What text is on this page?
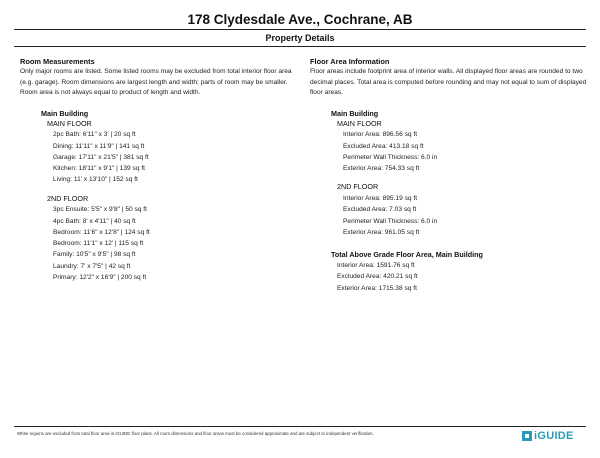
178 Clydesdale Ave., Cochrane, AB
Property Details
Room Measurements
Only major rooms are listed. Some listed rooms may be excluded from total interior floor area (e.g. garage). Room dimensions are largest length and width; parts of room may be smaller. Room area is not always equal to product of length and width.
Main Building
MAIN FLOOR
2pc Bath: 6'11" x 3' | 20 sq ft
Dining: 11'11" x 11'9" | 141 sq ft
Garage: 17'11" x 21'5" | 381 sq ft
Kitchen: 18'11" x 9'1" | 139 sq ft
Living: 11' x 13'10" | 152 sq ft
2ND FLOOR
3pc Ensuite: 5'5" x 9'8" | 50 sq ft
4pc Bath: 8' x 4'11" | 40 sq ft
Bedroom: 11'6" x 12'8" | 124 sq ft
Bedroom: 11'1" x 12' | 115 sq ft
Family: 10'5" x 9'5" | 98 sq ft
Laundry: 7' x 7'5" | 42 sq ft
Primary: 12'2" x 16'9" | 200 sq ft
Floor Area Information
Floor areas include footprint area of interior walls. All displayed floor areas are rounded to two decimal places. Total area is computed before rounding and may not equal to sum of displayed floor areas.
Main Building
MAIN FLOOR
Interior Area: 896.56 sq ft
Excluded Area: 413.18 sq ft
Perimeter Wall Thickness: 6.0 in
Exterior Area: 754.33 sq ft
2ND FLOOR
Interior Area: 895.19 sq ft
Excluded Area: 7.03 sq ft
Perimeter Wall Thickness: 6.0 in
Exterior Area: 961.05 sq ft
Total Above Grade Floor Area, Main Building
Interior Area: 1591.76 sq ft
Excluded Area: 420.21 sq ft
Exterior Area: 1715.38 sq ft
White regions are excluded from total floor area in iGUIDE floor plans. All room dimensions and floor areas must be considered approximate and are subject to independent verification.	iGUIDE
